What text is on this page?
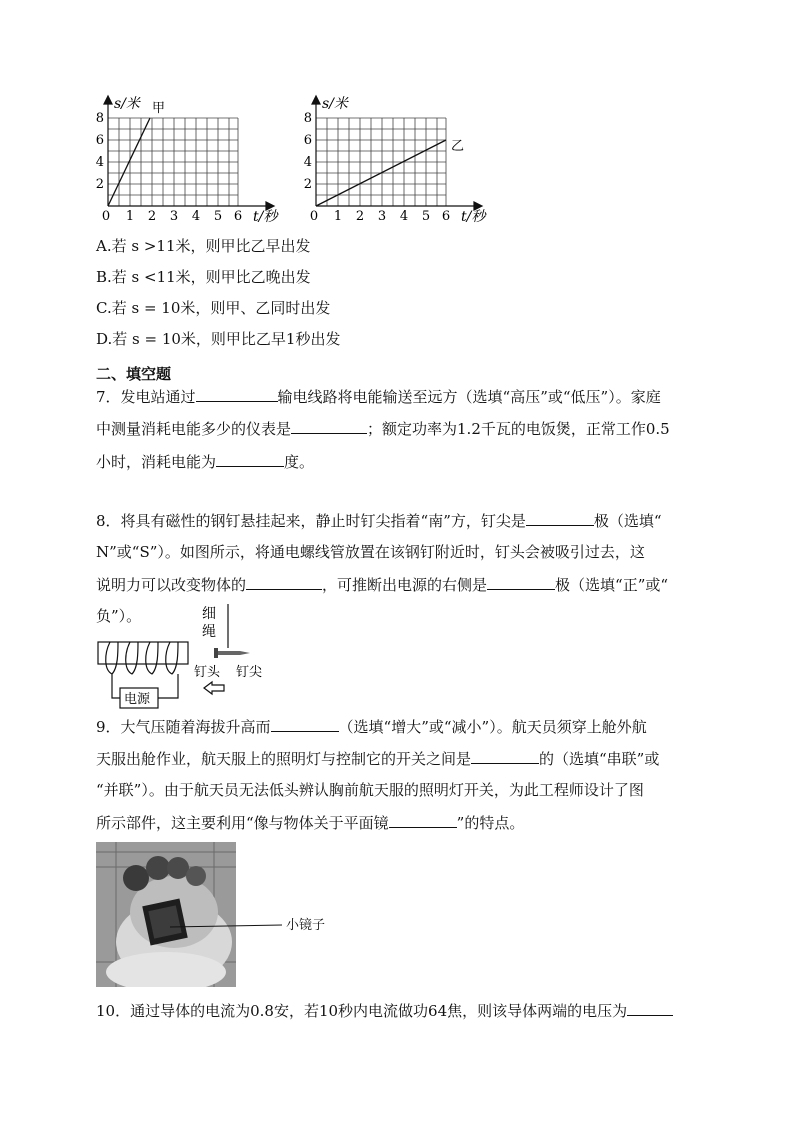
s/米 甲
t/秒
0 1 2 3 4 5 6
2
4
6
8
s/米
乙
t/秒
0 1 2 3 4 5 6
2
4
6
8
A.若 s >11米，则甲比乙早出发
B.若 s <11米，则甲比乙晚出发
C.若 s = 10米，则甲、乙同时出发
D.若 s = 10米，则甲比乙早1秒出发
二、填空题
7．发电站通过	输电线路将电能输送至远方（选填“高压”或“低压”）。家庭
中测量消耗电能多少的仪表是	；额定功率为1.2千瓦的电饭煲，正常工作0.5
小时，消耗电能为	度。
8．将具有磁性的钢钉悬挂起来，静止时钉尖指着“南”方，钉尖是	极（选填“
N”或“S”）。如图所示，将通电螺线管放置在该钢钉附近时，钉头会被吸引过去，这
说明力可以改变物体的	，可推断出电源的右侧是	极（选填“正”或“
负”）。
电源
细
绳
钉头 钉尖
9．大气压随着海拔升高而	（选填“增大”或“减小”）。航天员须穿上舱外航
天服出舱作业，航天服上的照明灯与控制它的开关之间是	的（选填“串联”或
“并联”）。由于航天员无法低头辨认胸前航天服的照明灯开关，为此工程师设计了图
所示部件，这主要利用“像与物体关于平面镜	”的特点。
小镜子
10．通过导体的电流为0.8安，若10秒内电流做功64焦，则该导体两端的电压为
